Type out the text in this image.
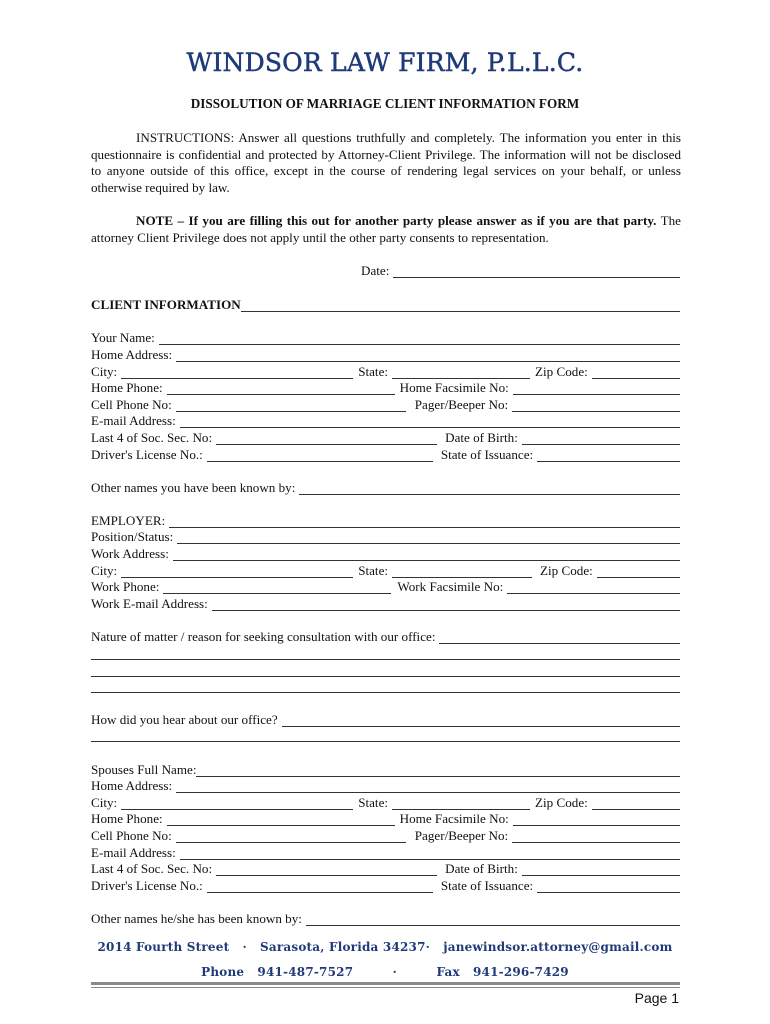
WINDSOR LAW FIRM, P.L.L.C.
DISSOLUTION OF MARRIAGE CLIENT INFORMATION FORM
INSTRUCTIONS: Answer all questions truthfully and completely. The information you enter in this questionnaire is confidential and protected by Attorney-Client Privilege. The information will not be disclosed to anyone outside of this office, except in the course of rendering legal services on your behalf, or unless otherwise required by law.
NOTE – If you are filling this out for another party please answer as if you are that party. The attorney Client Privilege does not apply until the other party consents to representation.
Date:
CLIENT INFORMATION
Your Name:
Home Address:
City:	State:	Zip Code:
Home Phone:	Home Facsimile No:
Cell Phone No:	Pager/Beeper No:
E-mail Address:
Last 4 of Soc. Sec. No:	Date of Birth:
Driver's License No.:	State of Issuance:
Other names you have been known by:
EMPLOYER:
Position/Status:
Work Address:
City:	State:	Zip Code:
Work Phone:	Work Facsimile No:
Work E-mail Address:
Nature of matter / reason for seeking consultation with our office:
How did you hear about our office?
Spouses Full Name:
Home Address:
City:	State:	Zip Code:
Home Phone:	Home Facsimile No:
Cell Phone No:	Pager/Beeper No:
E-mail Address:
Last 4 of Soc. Sec. No:	Date of Birth:
Driver's License No.:	State of Issuance:
Other names he/she has been known by:
2014 Fourth Street · Sarasota, Florida 34237· janewindsor.attorney@gmail.com
Phone 941-487-7527	·	Fax 941-296-7429
Page 1
